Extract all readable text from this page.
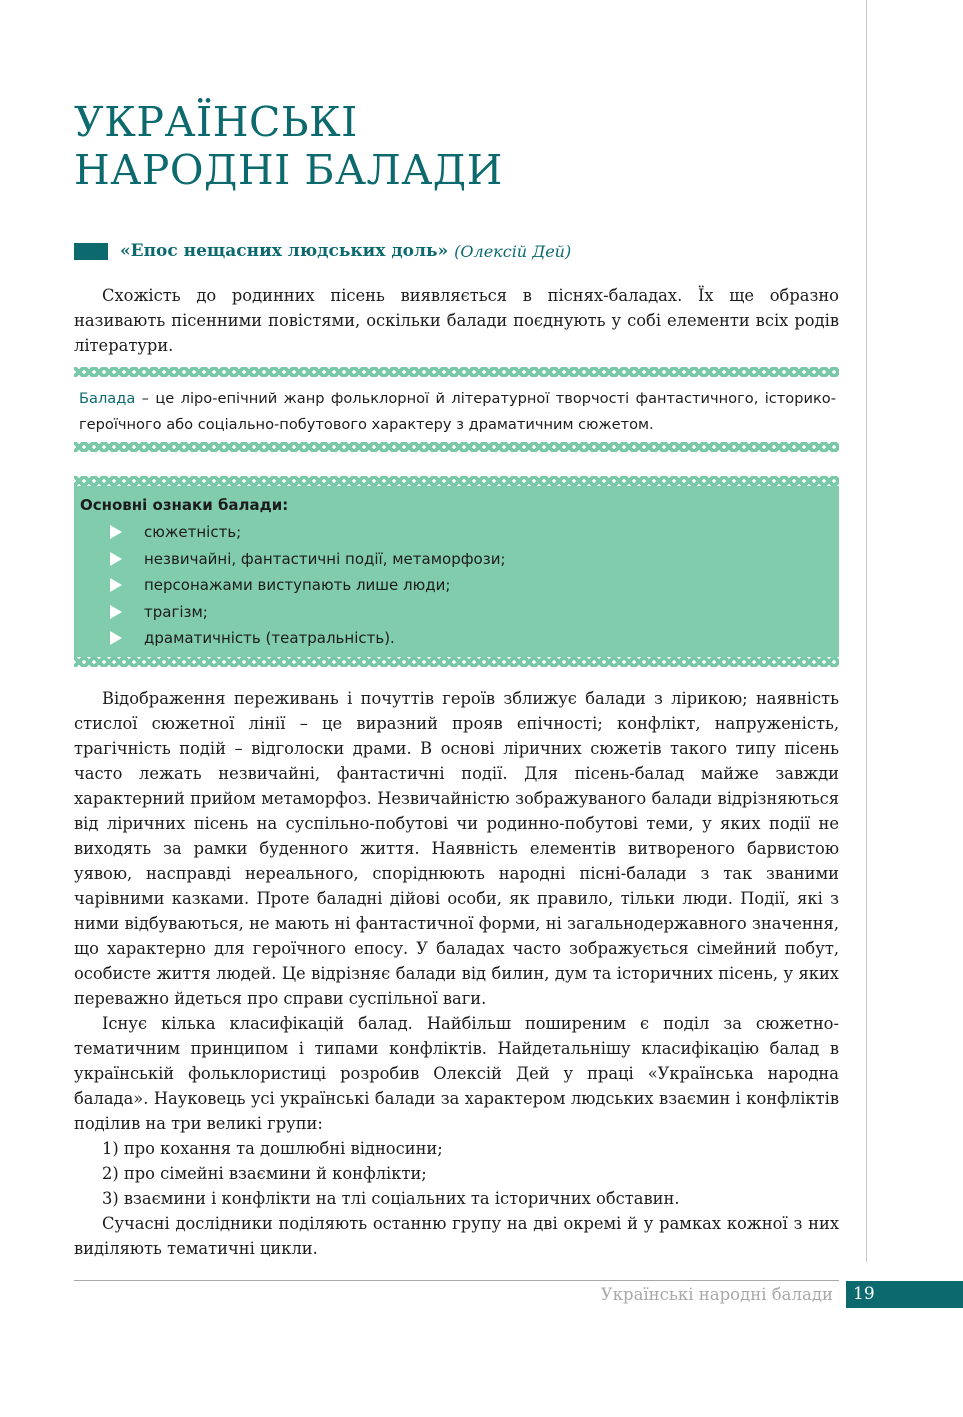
УКРАЇНСЬКІ
НАРОДНІ БАЛАДИ
«Епос нещасних людських доль» (Олексій Дей)

Схожість до родинних пісень виявляється в піснях-баладах. Їх ще образно називають пісенними повістями, оскільки балади поєднують у собі елементи всіх родів літератури.

Балада – це ліро-епічний жанр фольклорної й літературної творчості фантастичного, історико-героїчного або соціально-побутового характеру з драматичним сюжетом.

Основні ознаки балади:

сюжетність;
незвичайні, фантастичні події, метаморфози;
персонажами виступають лише люди;
трагізм;
драматичність (театральність).

Відображення переживань і почуттів героїв зближує балади з лірикою; наявність стислої сюжетної лінії – це виразний прояв епічності; конфлікт, напруженість, трагічність подій – відголоски драми. В основі ліричних сюжетів такого типу пісень часто лежать незвичайні, фантастичні події. Для пісень-балад майже завжди характерний прийом метаморфоз. Незвичайністю зображуваного балади відрізняються від ліричних пісень на суспільно-побутові чи родинно-побутові теми, у яких події не виходять за рамки буденного життя. Наявність елементів витвореного барвистою уявою, насправді нереального, споріднюють народні пісні-балади з так званими чарівними казками. Проте баладні дійові особи, як правило, тільки люди. Події, які з ними відбуваються, не мають ні фантастичної форми, ні загальнодержавного значення, що характерно для героїчного епосу. У баладах часто зображується сімейний побут, особисте життя людей. Це відрізняє балади від билин, дум та історичних пісень, у яких переважно йдеться про справи суспільної ваги.

Існує кілька класифікацій балад. Найбільш поширеним є поділ за сюжетно-тематичним принципом і типами конфліктів. Найдетальнішу класифікацію балад в українській фольклористиці розробив Олексій Дей у праці «Українська народна балада». Науковець усі українські балади за характером людських взаємин і конфліктів поділив на три великі групи:

1) про кохання та дошлюбні відносини;

2) про сімейні взаємини й конфлікти;

3) взаємини і конфлікти на тлі соціальних та історичних обставин.

Сучасні дослідники поділяють останню групу на дві окремі й у рамках кожної з них виділяють тематичні цикли.

Українські народні балади 19
